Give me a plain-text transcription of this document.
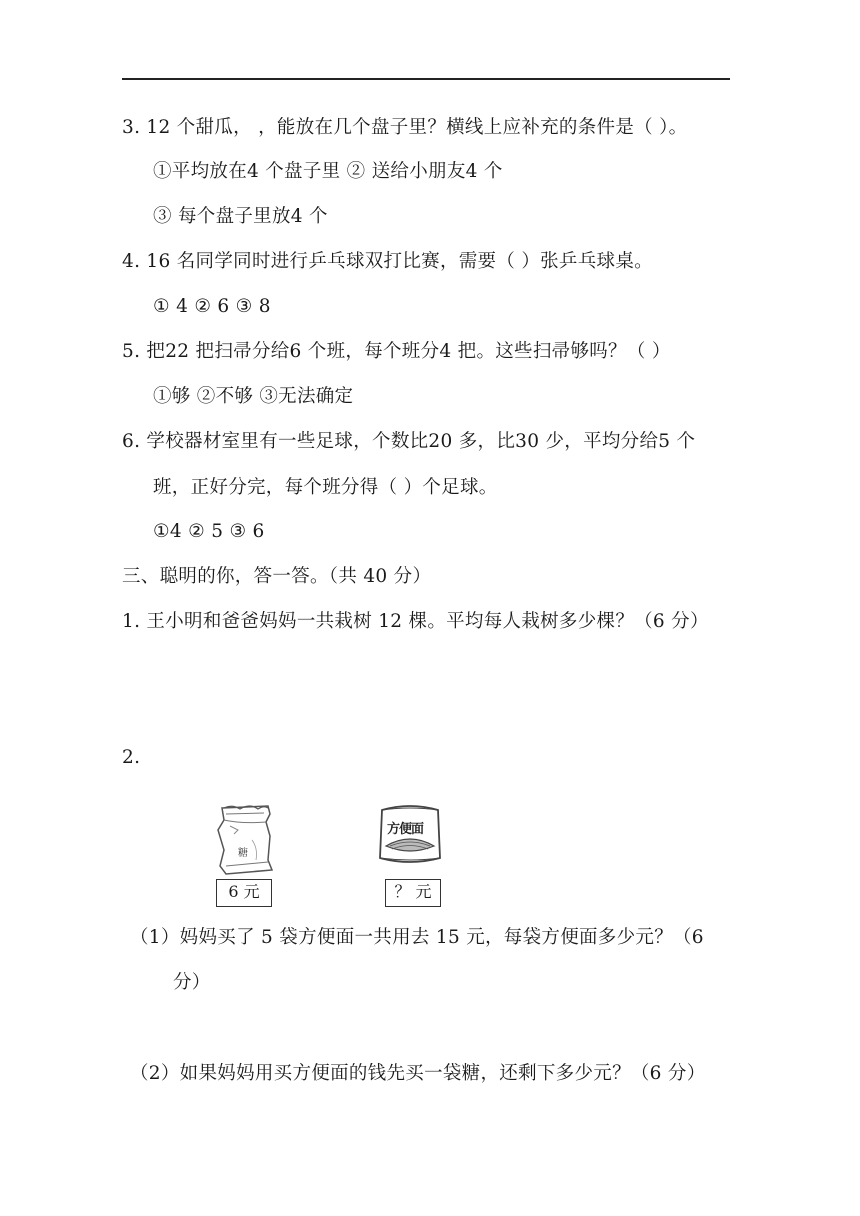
3. 12 个甜瓜， ，能放在几个盘子里？横线上应补充的条件是（ ）。
①平均放在4 个盘子里 ② 送给小朋友4 个
③ 每个盘子里放4 个
4. 16 名同学同时进行乒乓球双打比赛，需要（ ）张乒乓球桌。
① 4 ② 6 ③ 8
5. 把22 把扫帚分给6 个班，每个班分4 把。这些扫帚够吗？（ ）
①够 ②不够 ③无法确定
6. 学校器材室里有一些足球，个数比20 多，比30 少，平均分给5 个
班，正好分完，每个班分得（ ）个足球。
①4 ② 5 ③ 6
三、聪明的你，答一答。（共 40 分）
1. 王小明和爸爸妈妈一共栽树 12 棵。平均每人栽树多少棵？（6 分）
2.
糖
6 元
方便面
？ 元
（1）妈妈买了 5 袋方便面一共用去 15 元，每袋方便面多少元？（6
分）
（2）如果妈妈用买方便面的钱先买一袋糖，还剩下多少元？（6 分）
